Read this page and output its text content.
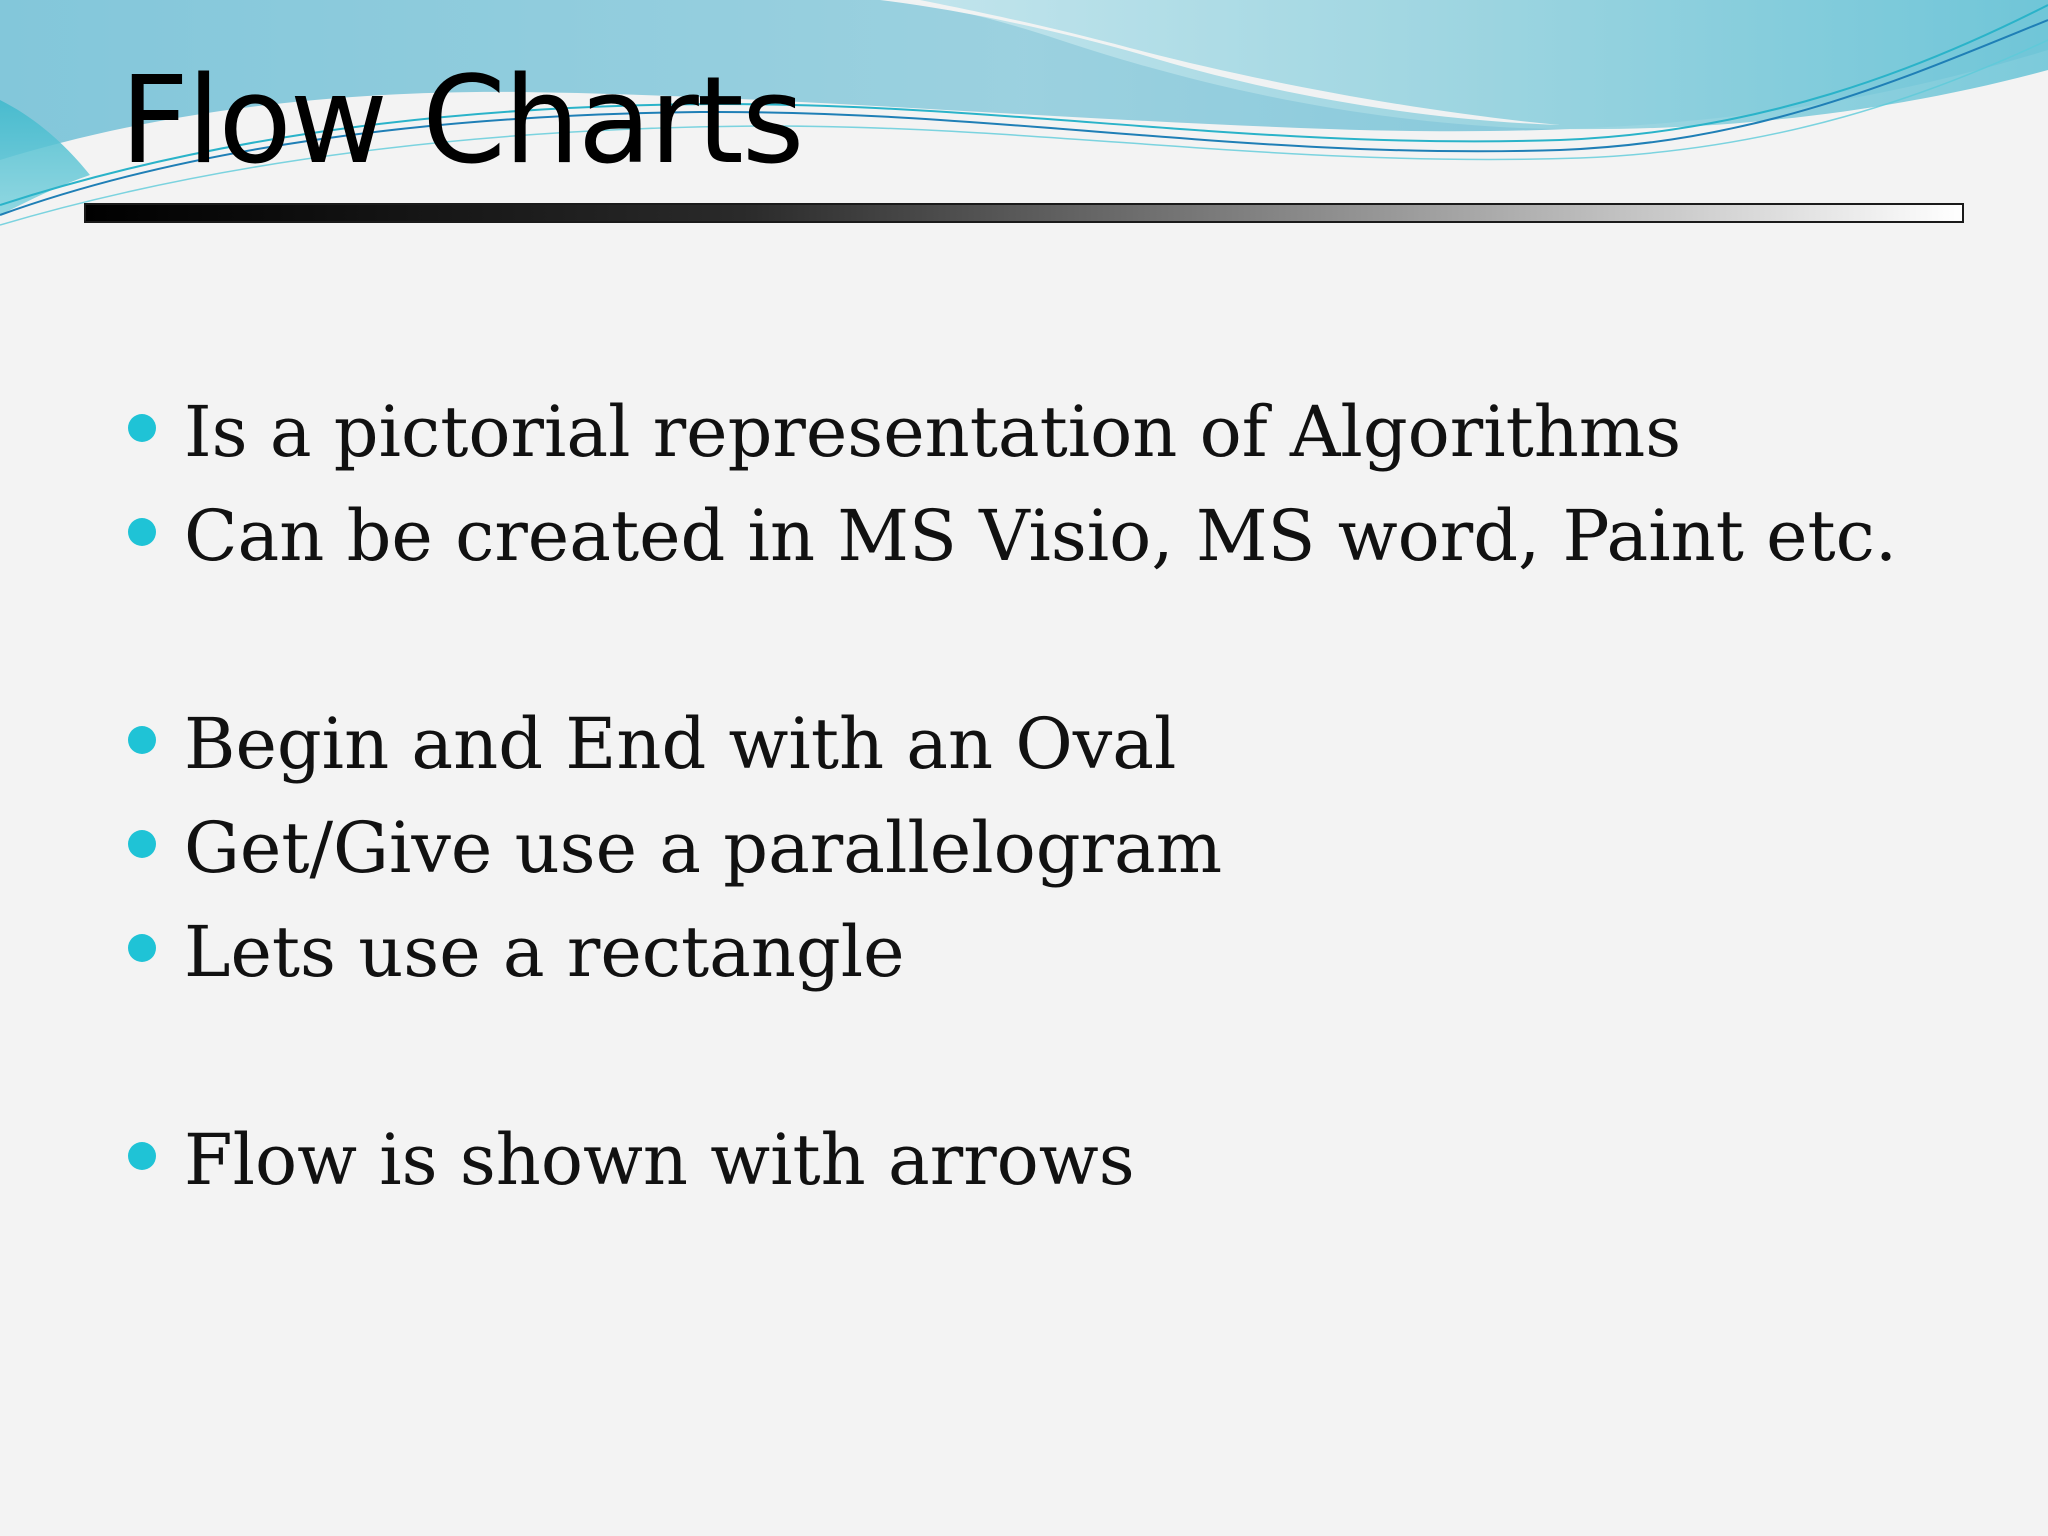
Flow Charts
Is a pictorial representation of Algorithms
Can be created in MS Visio, MS word, Paint etc.
Begin and End with an Oval
Get/Give use a parallelogram
Lets use a rectangle
Flow is shown with arrows
